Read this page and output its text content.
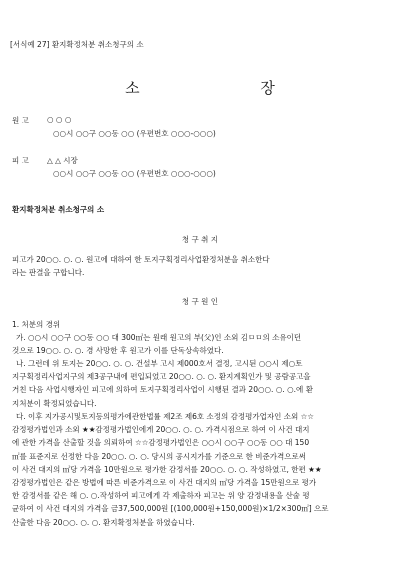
[서식예 27] 환지확정처분 취소청구의 소
소 장
원 고 ○ ○ ○
○○시 ○○구 ○○동 ○○ (우편번호 ○○○-○○○)
피 고 △ △ 시장
○○시 ○○구 ○○동 ○○ (우편번호 ○○○-○○○)
환지확정처분 취소청구의 소
청 구 취 지
피고가 20○○. ○. ○. 원고에 대하여 한 토지구획정리사업환정처분을 취소한다
라는 판결을 구합니다.
청 구 원 인
1. 처분의 경위
가. ○○시 ○○구 ○○동 ○○ 대 300㎡는 원래 원고의 부(父)인 소외 김ㅁㅁ의 소유이던
것으로 19○○. ○. ○. 경 사망한 후 원고가 이를 단독상속하였다.
나. 그런데 위 토지는 20○○. ○. ○. 건설부 고시 제000호서 결정, 고시된 ○○시 제○토
지구획정리사업지구의 제3공구내에 편입되었고 20○○. ○. ○. 환지계획인가 및 공람공고을
거친 다음 사업시행자인 피고에 의하여 토지구획정리사업이 시행된 결과 20○○. ○. ○.에 환
지처분이 확정되었습니다.
다. 이후 지가공시및토지등의평가에관한법률 제2조 제6호 소정의 감정평가업자인 소외 ☆☆
감정평가법인과 소외 ★★감정평가법인에게 20○○. ○. ○. 가격시점으로 하여 이 사건 대지
에 관한 가격을 산출할 것을 의뢰하여 ☆☆감정평가법인은 ○○시 ○○구 ○○동 ○○ 대 150
㎡를 표준지로 선정한 다음 20○○. ○. ○. 당시의 공시지가를 기준으로 한 비준가격으로써
이 사건 대지의 ㎡당 가격을 10만원으로 평가한 감정서를 20○○. ○. ○. 작성하였고, 한편 ★★
감정평가법인은 같은 방법에 따른 비준가격으로 이 사건 대지의 ㎡당 가격을 15만원으로 평가
한 감정서를 같은 해 ○. ○.작성하여 피고에게 각 제출하자 피고는 위 양 감정내용을 산술 평
균하여 이 사건 대지의 가격을 금37,500,000원 [(100,000원+150,000원)×1/2×300㎡] 으로
산출한 다음 20○○. ○. ○. 환지확정처분을 하였습니다.
